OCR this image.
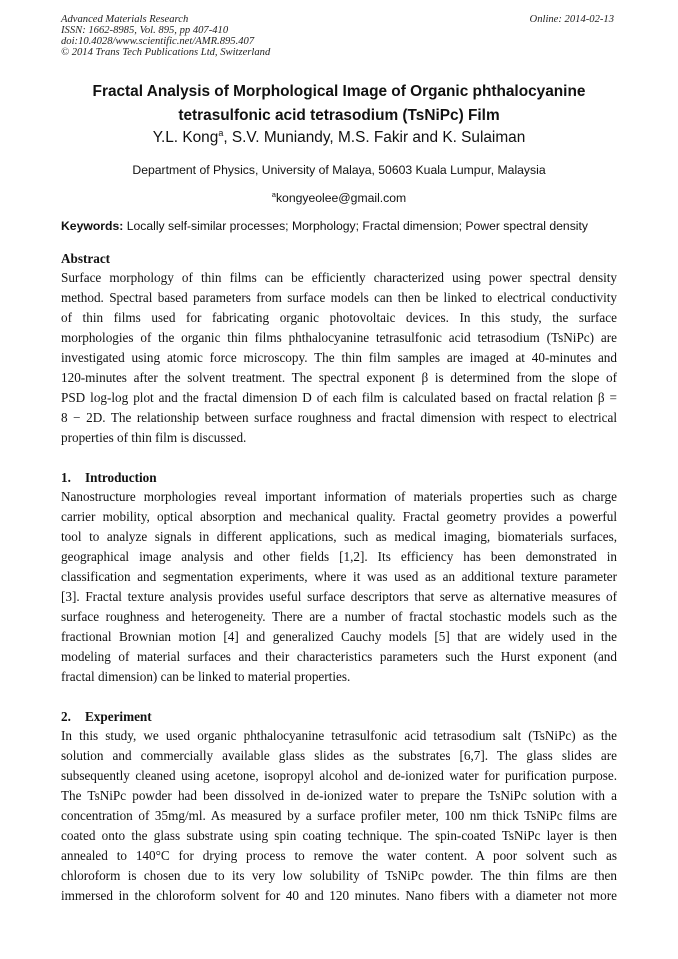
Advanced Materials Research
ISSN: 1662-8985, Vol. 895, pp 407-410
doi:10.4028/www.scientific.net/AMR.895.407
© 2014 Trans Tech Publications Ltd, Switzerland
Online: 2014-02-13
Fractal Analysis of Morphological Image of Organic phthalocyanine
tetrasulfonic acid tetrasodium (TsNiPc) Film
Y.L. Kong$^a$, S.V. Muniandy, M.S. Fakir and K. Sulaiman
Department of Physics, University of Malaya, 50603 Kuala Lumpur, Malaysia
$^a$kongyeolee@gmail.com
Keywords: Locally self-similar processes; Morphology; Fractal dimension; Power spectral density

Abstract

Surface morphology of thin films can be efficiently characterized using power spectral density
method. Spectral based parameters from surface models can then be linked to electrical conductivity
of thin films used for fabricating organic photovoltaic devices. In this study, the surface
morphologies of the organic thin films phthalocyanine tetrasulfonic acid tetrasodium (TsNiPc) are
investigated using atomic force microscopy. The thin film samples are imaged at 40-minutes and
120-minutes after the solvent treatment. The spectral exponent β is determined from the slope of
PSD log-log plot and the fractal dimension D of each film is calculated based on fractal relation β =
8 − 2D. The relationship between surface roughness and fractal dimension with respect to electrical
properties of thin film is discussed.

1. Introduction

Nanostructure morphologies reveal important information of materials properties such as charge
carrier mobility, optical absorption and mechanical quality. Fractal geometry provides a powerful
tool to analyze signals in different applications, such as medical imaging, biomaterials surfaces,
geographical image analysis and other fields [1,2]. Its efficiency has been demonstrated in
classification and segmentation experiments, where it was used as an additional texture parameter
[3]. Fractal texture analysis provides useful surface descriptors that serve as alternative measures of
surface roughness and heterogeneity. There are a number of fractal stochastic models such as the
fractional Brownian motion [4] and generalized Cauchy models [5] that are widely used in the
modeling of material surfaces and their characteristics parameters such the Hurst exponent (and
fractal dimension) can be linked to material properties.

2. Experiment

In this study, we used organic phthalocyanine tetrasulfonic acid tetrasodium salt (TsNiPc) as the
solution and commercially available glass slides as the substrates [6,7]. The glass slides are
subsequently cleaned using acetone, isopropyl alcohol and de-ionized water for purification purpose.
The TsNiPc powder had been dissolved in de-ionized water to prepare the TsNiPc solution with a
concentration of 35mg/ml. As measured by a surface profiler meter, 100 nm thick TsNiPc films are
coated onto the glass substrate using spin coating technique. The spin-coated TsNiPc layer is then
annealed to 140°C for drying process to remove the water content. A poor solvent such as
chloroform is chosen due to its very low solubility of TsNiPc powder. The thin films are then
immersed in the chloroform solvent for 40 and 120 minutes. Nano fibers with a diameter not more
